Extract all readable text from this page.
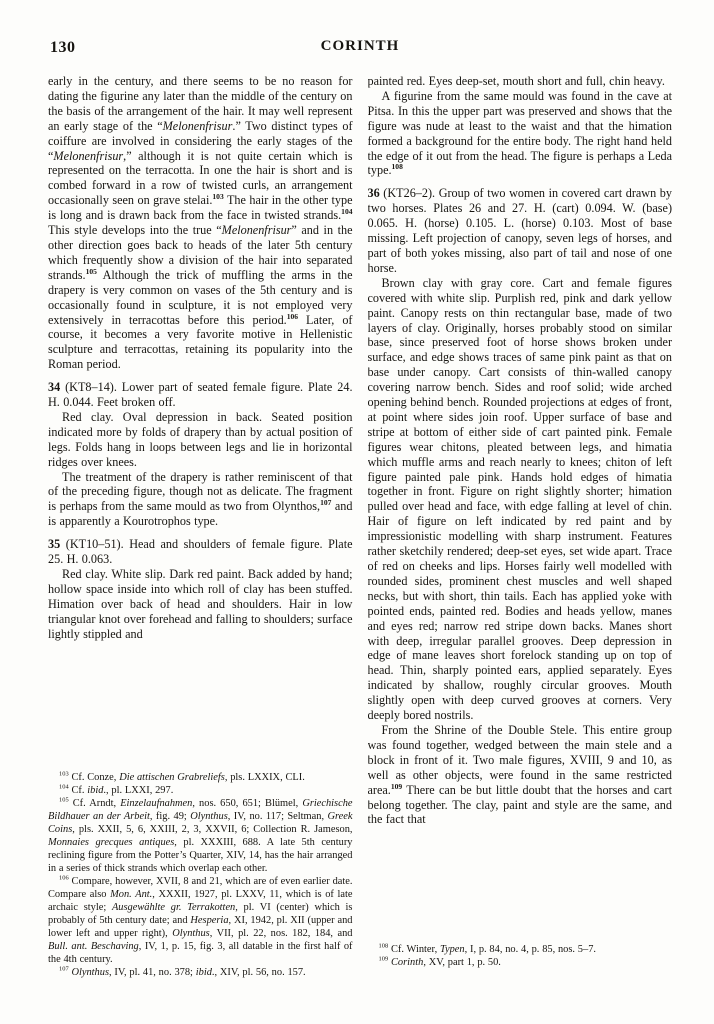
130	CORINTH

early in the century, and there seems to be no reason for dating the figurine any later than the middle of the century on the basis of the arrangement of the hair. It may well represent an early stage of the “Melonenfrisur.” Two distinct types of coiffure are involved in considering the early stages of the “Melonenfrisur,” although it is not quite certain which is represented on the terracotta. In one the hair is short and is combed forward in a row of twisted curls, an arrangement occasionally seen on grave stelai.$^{103}$ The hair in the other type is long and is drawn back from the face in twisted strands.$^{104}$ This style develops into the true “Melonenfrisur” and in the other direction goes back to heads of the later 5th century which frequently show a division of the hair into separated strands.$^{105}$ Although the trick of muffling the arms in the drapery is very common on vases of the 5th century and is occasionally found in sculpture, it is not employed very extensively in terracottas before this period.$^{106}$ Later, of course, it becomes a very favorite motive in Hellenistic sculpture and terracottas, retaining its popularity into the Roman period.

34 (KT8–14). Lower part of seated female figure. Plate 24. H. 0.044. Feet broken off.

Red clay. Oval depression in back. Seated position indicated more by folds of drapery than by actual position of legs. Folds hang in loops between legs and lie in horizontal ridges over knees.

The treatment of the drapery is rather reminiscent of that of the preceding figure, though not as delicate. The fragment is perhaps from the same mould as two from Olynthos,$^{107}$ and is apparently a Kourotrophos type.

35 (KT10–51). Head and shoulders of female figure. Plate 25. H. 0.063.

Red clay. White slip. Dark red paint. Back added by hand; hollow space inside into which roll of clay has been stuffed. Himation over back of head and shoulders. Hair in low triangular knot over forehead and falling to shoulders; surface lightly stippled and

$^{103}$ Cf. Conze, Die attischen Grabreliefs, pls. LXXIX, CLI.

$^{104}$ Cf. ibid., pl. LXXI, 297.

$^{105}$ Cf. Arndt, Einzelaufnahmen, nos. 650, 651; Blümel, Griechische Bildhauer an der Arbeit, fig. 49; Olynthus, IV, no. 117; Seltman, Greek Coins, pls. XXII, 5, 6, XXIII, 2, 3, XXVII, 6; Collection R. Jameson, Monnaies grecques antiques, pl. XXXIII, 688. A late 5th century reclining figure from the Potter’s Quarter, XIV, 14, has the hair arranged in a series of thick strands which overlap each other.

$^{106}$ Compare, however, XVII, 8 and 21, which are of even earlier date. Compare also Mon. Ant., XXXII, 1927, pl. LXXV, 11, which is of late archaic style; Ausgewählte gr. Terrakotten, pl. VI (center) which is probably of 5th century date; and Hesperia, XI, 1942, pl. XII (upper and lower left and upper right), Olynthus, VII, pl. 22, nos. 182, 184, and Bull. ant. Beschaving, IV, 1, p. 15, fig. 3, all datable in the first half of the 4th century.

$^{107}$ Olynthus, IV, pl. 41, no. 378; ibid., XIV, pl. 56, no. 157.

painted red. Eyes deep-set, mouth short and full, chin heavy.

A figurine from the same mould was found in the cave at Pitsa. In this the upper part was preserved and shows that the figure was nude at least to the waist and that the himation formed a background for the entire body. The right hand held the edge of it out from the head. The figure is perhaps a Leda type.$^{108}$

36 (KT26–2). Group of two women in covered cart drawn by two horses. Plates 26 and 27. H. (cart) 0.094. W. (base) 0.065. H. (horse) 0.105. L. (horse) 0.103. Most of base missing. Left projection of canopy, seven legs of horses, and part of both yokes missing, also part of tail and nose of one horse.

Brown clay with gray core. Cart and female figures covered with white slip. Purplish red, pink and dark yellow paint. Canopy rests on thin rectangular base, made of two layers of clay. Originally, horses probably stood on similar base, since preserved foot of horse shows broken under surface, and edge shows traces of same pink paint as that on base under canopy. Cart consists of thin-walled canopy covering narrow bench. Sides and roof solid; wide arched opening behind bench. Rounded projections at edges of front, at point where sides join roof. Upper surface of base and stripe at bottom of either side of cart painted pink. Female figures wear chitons, pleated between legs, and himatia which muffle arms and reach nearly to knees; chiton of left figure painted pale pink. Hands hold edges of himatia together in front. Figure on right slightly shorter; himation pulled over head and face, with edge falling at level of chin. Hair of figure on left indicated by red paint and by impressionistic modelling with sharp instrument. Features rather sketchily rendered; deep-set eyes, set wide apart. Trace of red on cheeks and lips. Horses fairly well modelled with rounded sides, prominent chest muscles and well shaped necks, but with short, thin tails. Each has applied yoke with pointed ends, painted red. Bodies and heads yellow, manes and eyes red; narrow red stripe down backs. Manes short with deep, irregular parallel grooves. Deep depression in edge of mane leaves short forelock standing up on top of head. Thin, sharply pointed ears, applied separately. Eyes indicated by shallow, roughly circular grooves. Mouth slightly open with deep curved grooves at corners. Very deeply bored nostrils.

From the Shrine of the Double Stele. This entire group was found together, wedged between the main stele and a block in front of it. Two male figures, XVIII, 9 and 10, as well as other objects, were found in the same restricted area.$^{109}$ There can be but little doubt that the horses and cart belong together. The clay, paint and style are the same, and the fact that

$^{108}$ Cf. Winter, Typen, I, p. 84, no. 4, p. 85, nos. 5–7.

$^{109}$ Corinth, XV, part 1, p. 50.
